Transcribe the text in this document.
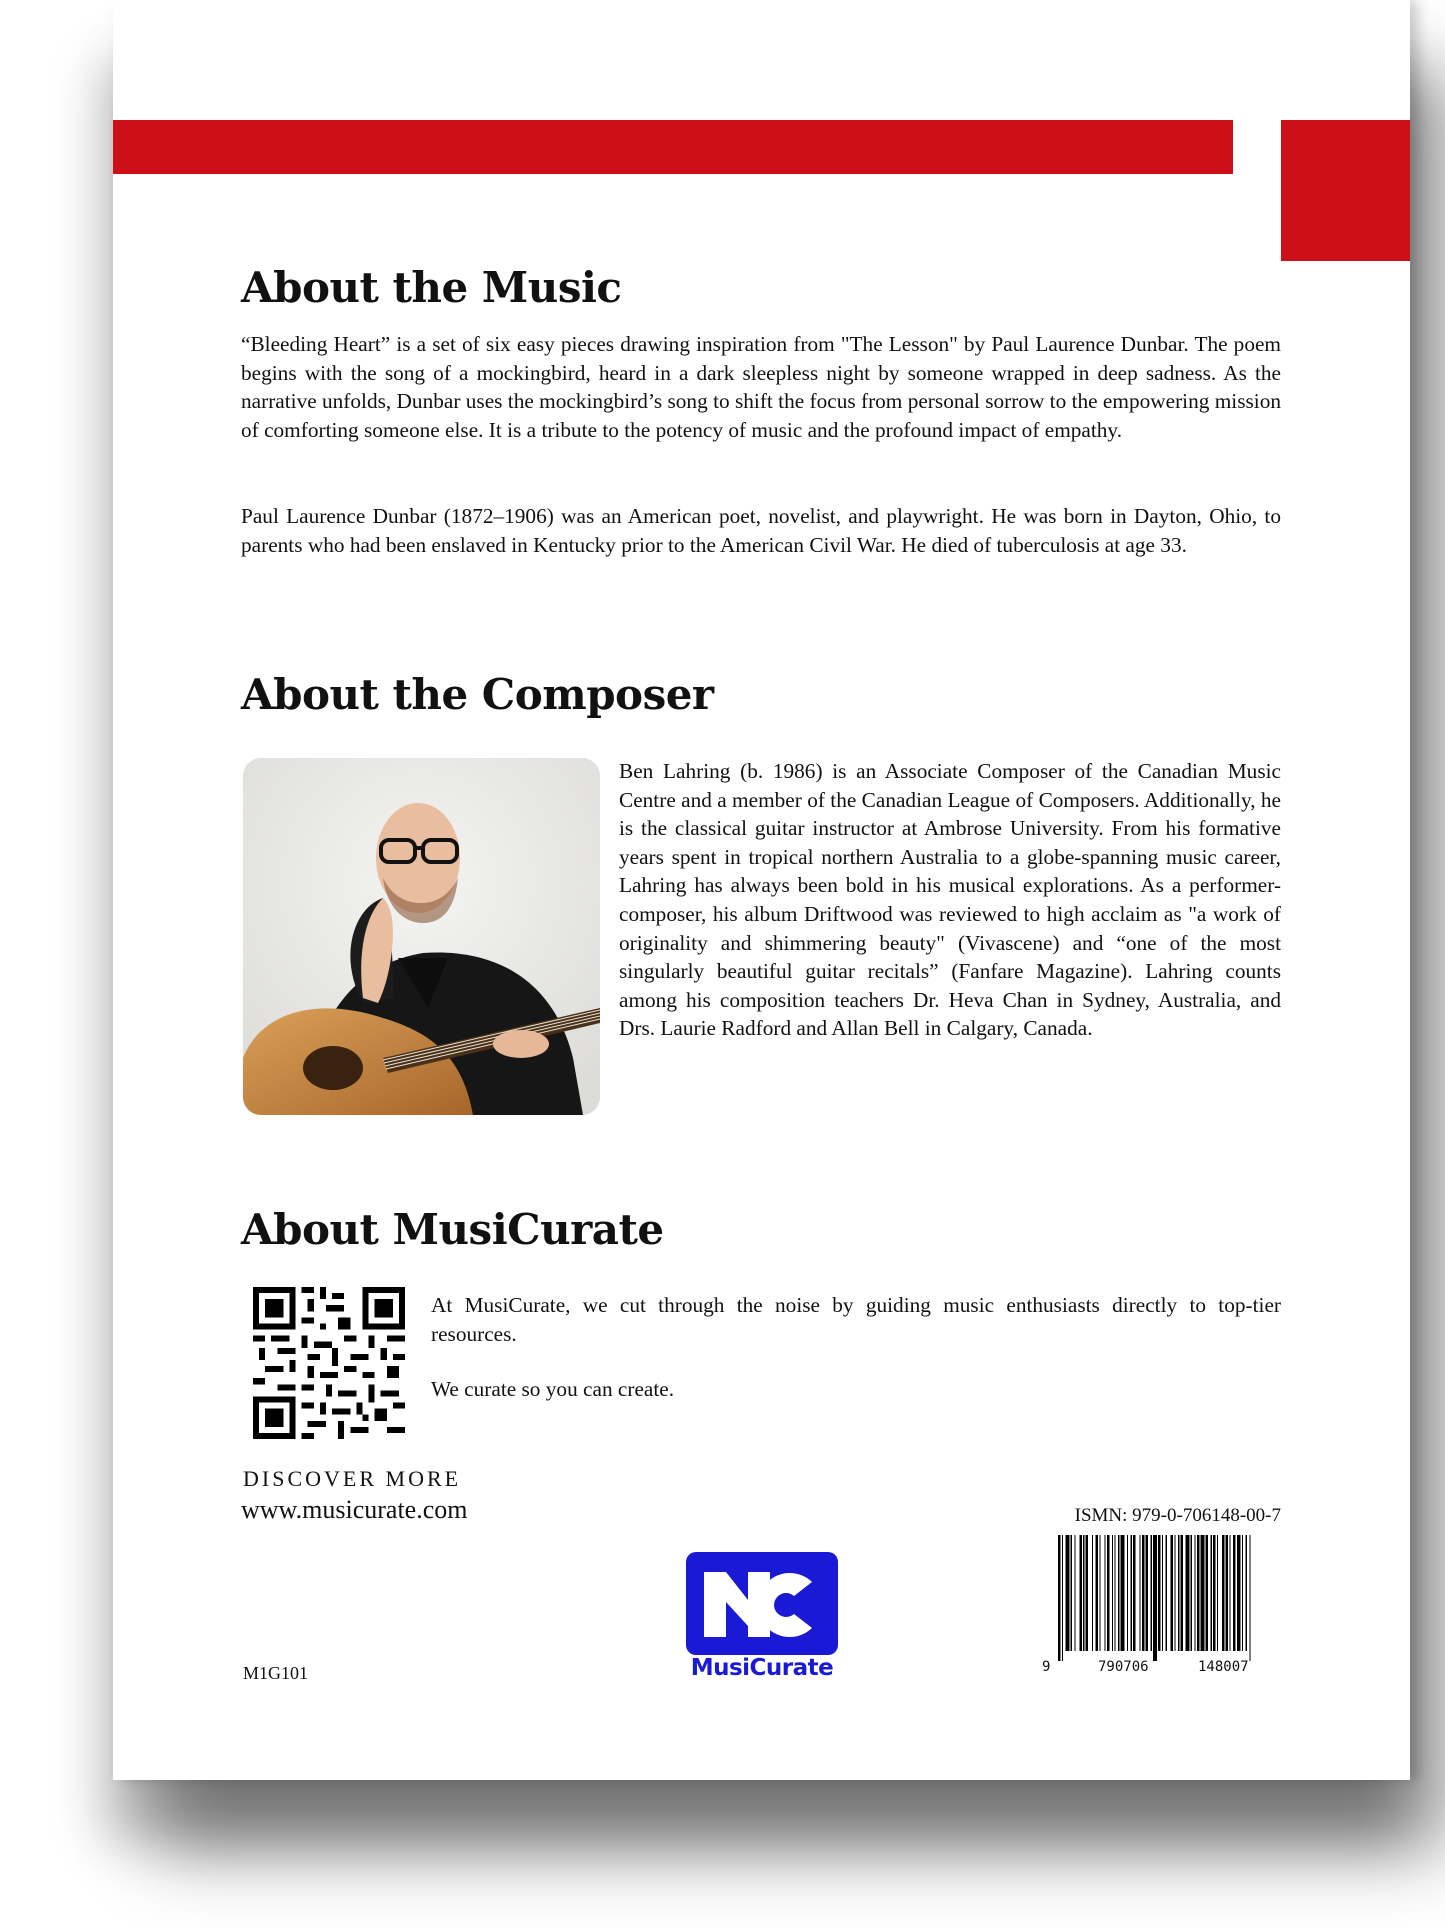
About the Music

“Bleeding Heart” is a set of six easy pieces drawing inspiration from "The Lesson" by Paul Laurence Dunbar. The poem begins with the song of a mockingbird, heard in a dark sleepless night by someone wrapped in deep sadness. As the narrative unfolds, Dunbar uses the mockingbird’s song to shift the focus from personal sorrow to the empowering mission of comforting someone else. It is a tribute to the potency of music and the profound impact of empathy.

Paul Laurence Dunbar (1872–1906) was an American poet, novelist, and playwright. He was born in Dayton, Ohio, to parents who had been enslaved in Kentucky prior to the American Civil War. He died of tuberculosis at age 33.

About the Composer

Ben Lahring (b. 1986) is an Associate Composer of the Canadian Music Centre and a member of the Canadian League of Composers. Additionally, he is the classical guitar instructor at Ambrose University. From his formative years spent in tropical northern Australia to a globe-spanning music career, Lahring has always been bold in his musical explorations. As a performer-composer, his album Driftwood was reviewed to high acclaim as "a work of originality and shimmering beauty" (Vivascene) and “one of the most singularly beautiful guitar recitals” (Fanfare Magazine). Lahring counts among his composition teachers Dr. Heva Chan in Sydney, Australia, and Drs. Laurie Radford and Allan Bell in Calgary, Canada.

About MusiCurate

At MusiCurate, we cut through the noise by guiding music enthusiasts directly to top-tier resources.

We curate so you can create.

DISCOVER MORE
www.musicurate.com
M1G101	MusiCurate
ISMN: 979-0-706148-00-7
9	790706	148007
